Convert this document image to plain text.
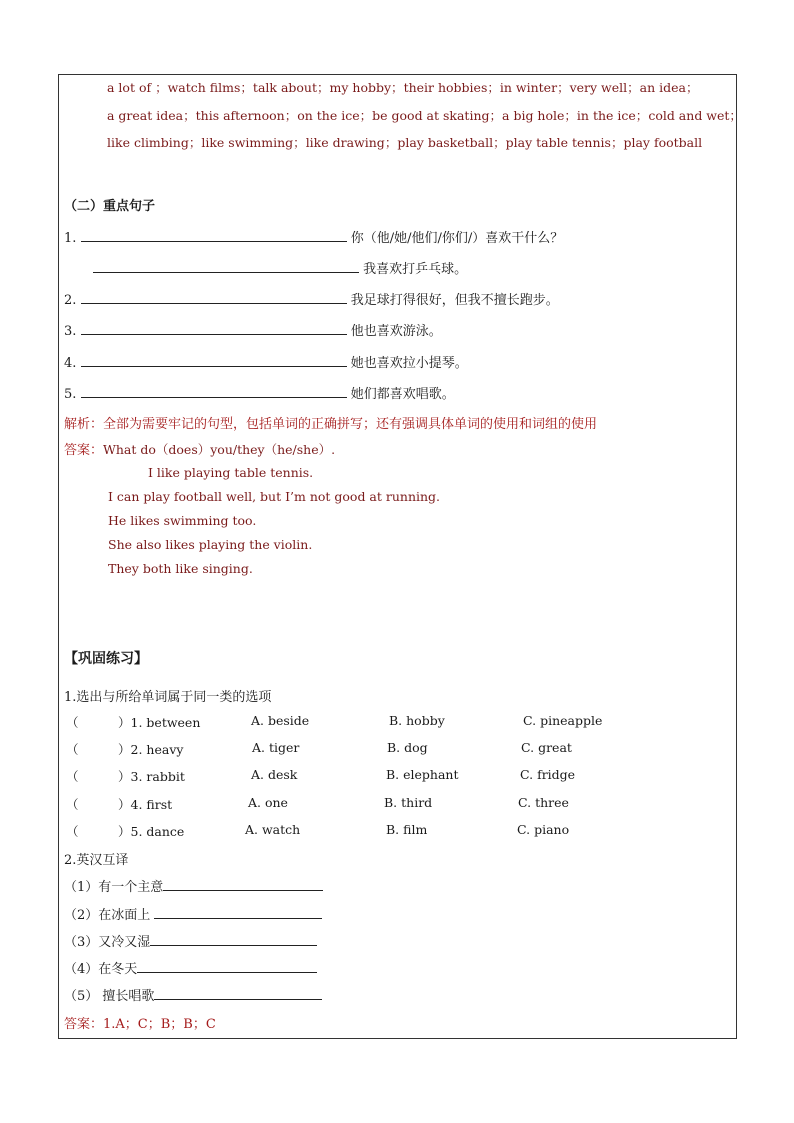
a lot of ；watch films；talk about；my hobby；their hobbies；in winter；very well；an idea；
a great idea；this afternoon；on the ice；be good at skating；a big hole；in the ice；cold and wet；
like climbing；like swimming；like drawing；play basketball；play table tennis；play football
（二）重点句子
1.	你（他/她/他们/你们/）喜欢干什么？
我喜欢打乒乓球。
2.	我足球打得很好，但我不擅长跑步。
3.	他也喜欢游泳。
4.	她也喜欢拉小提琴。
5.	她们都喜欢唱歌。
解析：全部为需要牢记的句型，包括单词的正确拼写；还有强调具体单词的使用和词组的使用
答案：What do（does）you/they（he/she）.
I like playing table tennis.
I can play football well, but I’m not good at running.
He likes swimming too.
She also likes playing the violin.
They both like singing.
【巩固练习】
1.选出与所给单词属于同一类的选项
（	）1. between	A. beside	B. hobby	C. pineapple
（	）2. heavy	A. tiger	B. dog	C. great
（	）3. rabbit	A. desk	B. elephant	C. fridge
（	）4. first	A. one	B. third	C. three
（	）5. dance	A. watch	B. film	C. piano
2.英汉互译
（1）有一个主意
（2）在冰面上
（3）又冷又湿
（4）在冬天
（5） 擅长唱歌
答案：1.A；C；B；B；C
